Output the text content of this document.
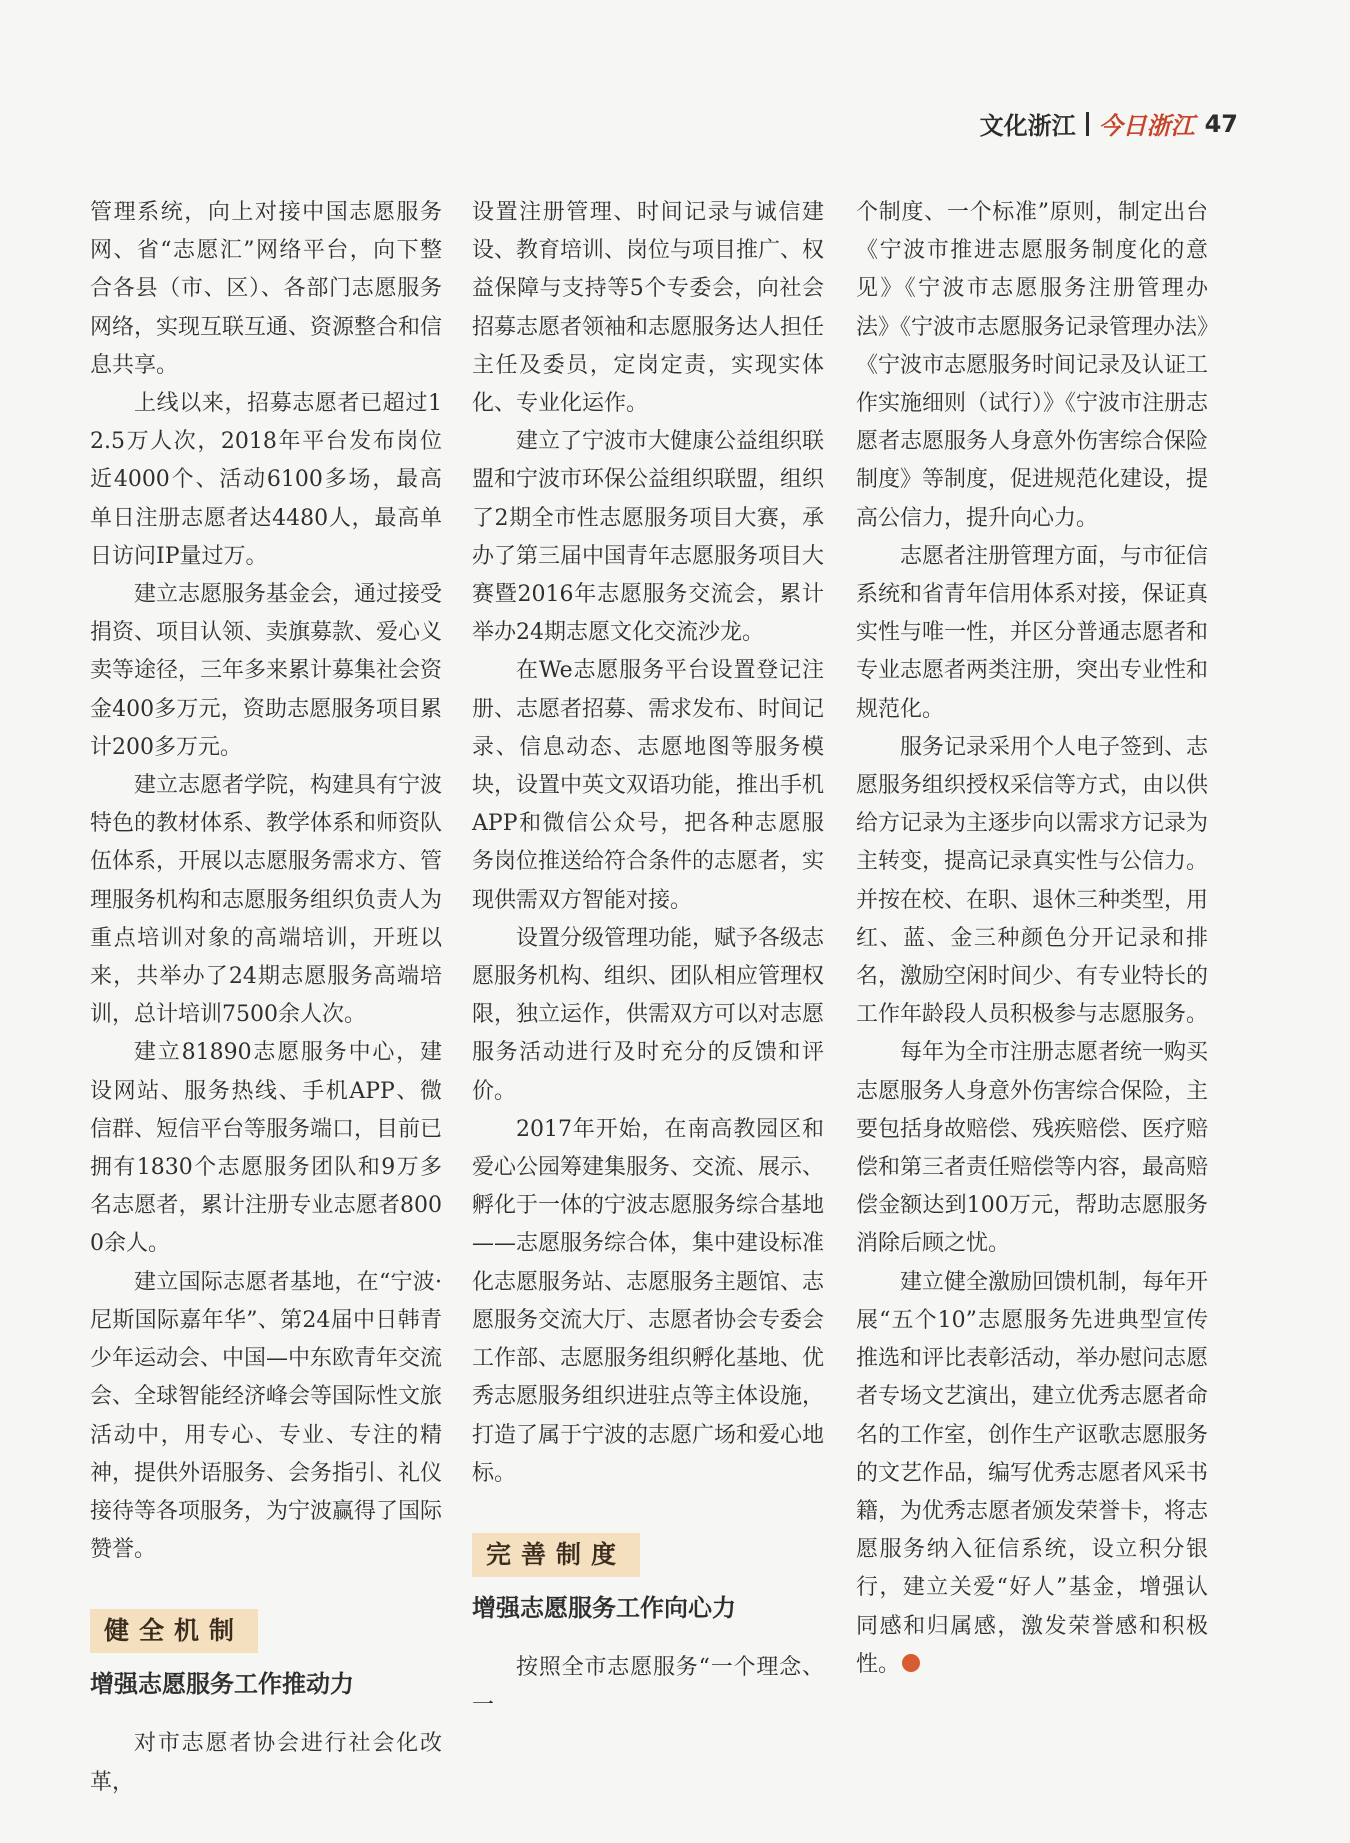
文化浙江 今日浙江 47

管理系统，向上对接中国志愿服务网、省“志愿汇”网络平台，向下整合各县（市、区）、各部门志愿服务网络，实现互联互通、资源整合和信息共享。

上线以来，招募志愿者已超过12.5万人次，2018年平台发布岗位近4000个、活动6100多场，最高单日注册志愿者达4480人，最高单日访问IP量过万。

建立志愿服务基金会，通过接受捐资、项目认领、卖旗募款、爱心义卖等途径，三年多来累计募集社会资金400多万元，资助志愿服务项目累计200多万元。

建立志愿者学院，构建具有宁波特色的教材体系、教学体系和师资队伍体系，开展以志愿服务需求方、管理服务机构和志愿服务组织负责人为重点培训对象的高端培训，开班以来，共举办了24期志愿服务高端培训，总计培训7500余人次。

建立81890志愿服务中心，建设网站、服务热线、手机APP、微信群、短信平台等服务端口，目前已拥有1830个志愿服务团队和9万多名志愿者，累计注册专业志愿者8000余人。

建立国际志愿者基地，在“宁波·尼斯国际嘉年华”、第24届中日韩青少年运动会、中国—中东欧青年交流会、全球智能经济峰会等国际性文旅活动中，用专心、专业、专注的精神，提供外语服务、会务指引、礼仪接待等各项服务，为宁波赢得了国际赞誉。

健全机制
增强志愿服务工作推动力

对市志愿者协会进行社会化改革，

设置注册管理、时间记录与诚信建设、教育培训、岗位与项目推广、权益保障与支持等5个专委会，向社会招募志愿者领袖和志愿服务达人担任主任及委员，定岗定责，实现实体化、专业化运作。

建立了宁波市大健康公益组织联盟和宁波市环保公益组织联盟，组织了2期全市性志愿服务项目大赛，承办了第三届中国青年志愿服务项目大赛暨2016年志愿服务交流会，累计举办24期志愿文化交流沙龙。

在We志愿服务平台设置登记注册、志愿者招募、需求发布、时间记录、信息动态、志愿地图等服务模块，设置中英文双语功能，推出手机APP和微信公众号，把各种志愿服务岗位推送给符合条件的志愿者，实现供需双方智能对接。

设置分级管理功能，赋予各级志愿服务机构、组织、团队相应管理权限，独立运作，供需双方可以对志愿服务活动进行及时充分的反馈和评价。

2017年开始，在南高教园区和爱心公园筹建集服务、交流、展示、孵化于一体的宁波志愿服务综合基地——志愿服务综合体，集中建设标准化志愿服务站、志愿服务主题馆、志愿服务交流大厅、志愿者协会专委会工作部、志愿服务组织孵化基地、优秀志愿服务组织进驻点等主体设施，打造了属于宁波的志愿广场和爱心地标。

完善制度
增强志愿服务工作向心力

按照全市志愿服务“一个理念、一

个制度、一个标准”原则，制定出台《宁波市推进志愿服务制度化的意见》《宁波市志愿服务注册管理办法》《宁波市志愿服务记录管理办法》《宁波市志愿服务时间记录及认证工作实施细则（试行）》《宁波市注册志愿者志愿服务人身意外伤害综合保险制度》等制度，促进规范化建设，提高公信力，提升向心力。

志愿者注册管理方面，与市征信系统和省青年信用体系对接，保证真实性与唯一性，并区分普通志愿者和专业志愿者两类注册，突出专业性和规范化。

服务记录采用个人电子签到、志愿服务组织授权采信等方式，由以供给方记录为主逐步向以需求方记录为主转变，提高记录真实性与公信力。并按在校、在职、退休三种类型，用红、蓝、金三种颜色分开记录和排名，激励空闲时间少、有专业特长的工作年龄段人员积极参与志愿服务。

每年为全市注册志愿者统一购买志愿服务人身意外伤害综合保险，主要包括身故赔偿、残疾赔偿、医疗赔偿和第三者责任赔偿等内容，最高赔偿金额达到100万元，帮助志愿服务消除后顾之忧。

建立健全激励回馈机制，每年开展“五个10”志愿服务先进典型宣传推选和评比表彰活动，举办慰问志愿者专场文艺演出，建立优秀志愿者命名的工作室，创作生产讴歌志愿服务的文艺作品，编写优秀志愿者风采书籍，为优秀志愿者颁发荣誉卡，将志愿服务纳入征信系统，设立积分银行，建立关爱“好人”基金，增强认同感和归属感，激发荣誉感和积极性。
